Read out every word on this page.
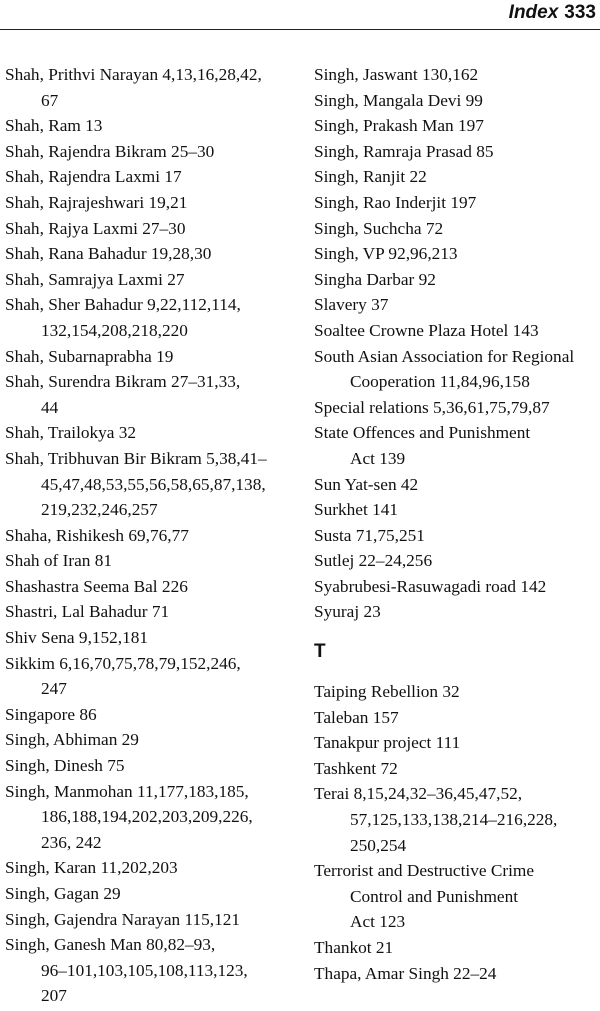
Index 333
Shah, Prithvi Narayan 4,13,16,28,42,
67
Shah, Ram 13
Shah, Rajendra Bikram 25–30
Shah, Rajendra Laxmi 17
Shah, Rajrajeshwari 19,21
Shah, Rajya Laxmi 27–30
Shah, Rana Bahadur 19,28,30
Shah, Samrajya Laxmi 27
Shah, Sher Bahadur 9,22,112,114,
132,154,208,218,220
Shah, Subarnaprabha 19
Shah, Surendra Bikram 27–31,33,
44
Shah, Trailokya 32
Shah, Tribhuvan Bir Bikram 5,38,41–
45,47,48,53,55,56,58,65,87,138,
219,232,246,257
Shaha, Rishikesh 69,76,77
Shah of Iran 81
Shashastra Seema Bal 226
Shastri, Lal Bahadur 71
Shiv Sena 9,152,181
Sikkim 6,16,70,75,78,79,152,246,
247
Singapore 86
Singh, Abhiman 29
Singh, Dinesh 75
Singh, Manmohan 11,177,183,185,
186,188,194,202,203,209,226,
236, 242
Singh, Karan 11,202,203
Singh, Gagan 29
Singh, Gajendra Narayan 115,121
Singh, Ganesh Man 80,82–93,
96–101,103,105,108,113,123,
207
Singh, Jaswant 130,162
Singh, Mangala Devi 99
Singh, Prakash Man 197
Singh, Ramraja Prasad 85
Singh, Ranjit 22
Singh, Rao Inderjit 197
Singh, Suchcha 72
Singh, VP 92,96,213
Singha Darbar 92
Slavery 37
Soaltee Crowne Plaza Hotel 143
South Asian Association for Regional
Cooperation 11,84,96,158
Special relations 5,36,61,75,79,87
State Offences and Punishment
Act 139
Sun Yat-sen 42
Surkhet 141
Susta 71,75,251
Sutlej 22–24,256
Syabrubesi-Rasuwagadi road 142
Syuraj 23
T
Taiping Rebellion 32
Taleban 157
Tanakpur project 111
Tashkent 72
Terai 8,15,24,32–36,45,47,52,
57,125,133,138,214–216,228,
250,254
Terrorist and Destructive Crime
Control and Punishment
Act 123
Thankot 21
Thapa, Amar Singh 22–24
